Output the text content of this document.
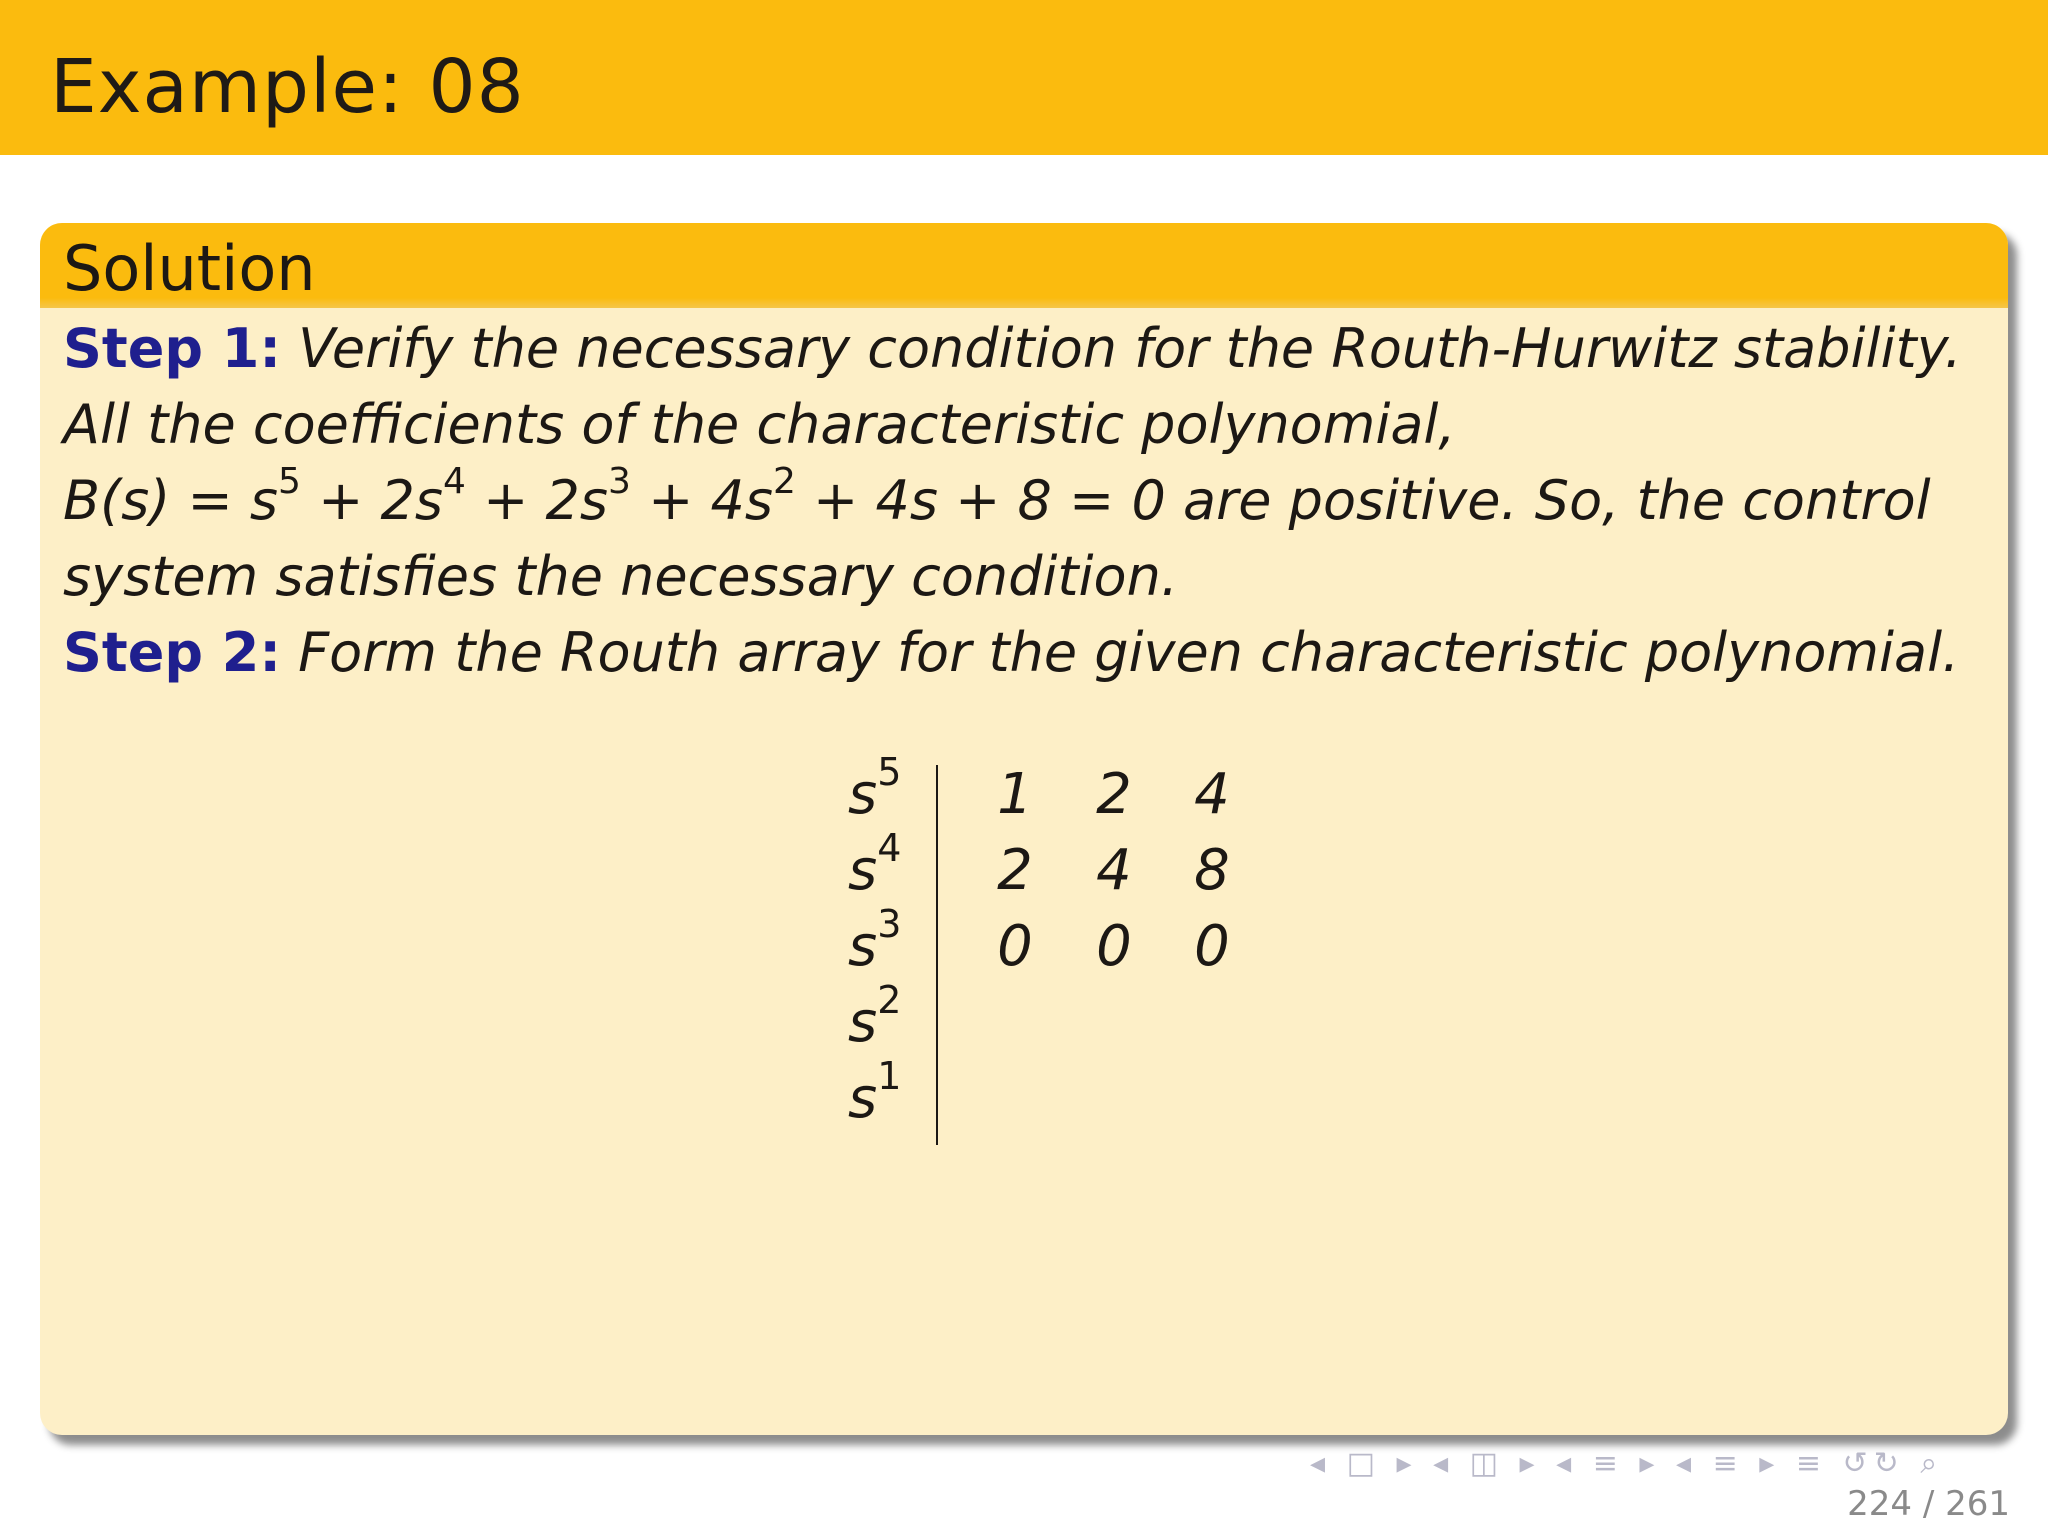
Example: 08
Solution
Step 1: Verify the necessary condition for the Routh-Hurwitz stability.
All the coefficients of the characteristic polynomial,
$B(s) = s^5 + 2s^4 + 2s^3 + 4s^2 + 4s + 8 = 0$ are positive. So, the control
system satisfies the necessary condition.
Step 2: Form the Routh array for the given characteristic polynomial.
$s^5$ 1 2 4
$s^4$ 2 4 8
$s^3$ 0 0 0
$s^2$
$s^1$
◂ □ ▸ ◂ ◫ ▸ ◂ ≡ ▸ ◂ ≡ ▸ ≡ ↺↻ ⌕
224 / 261
